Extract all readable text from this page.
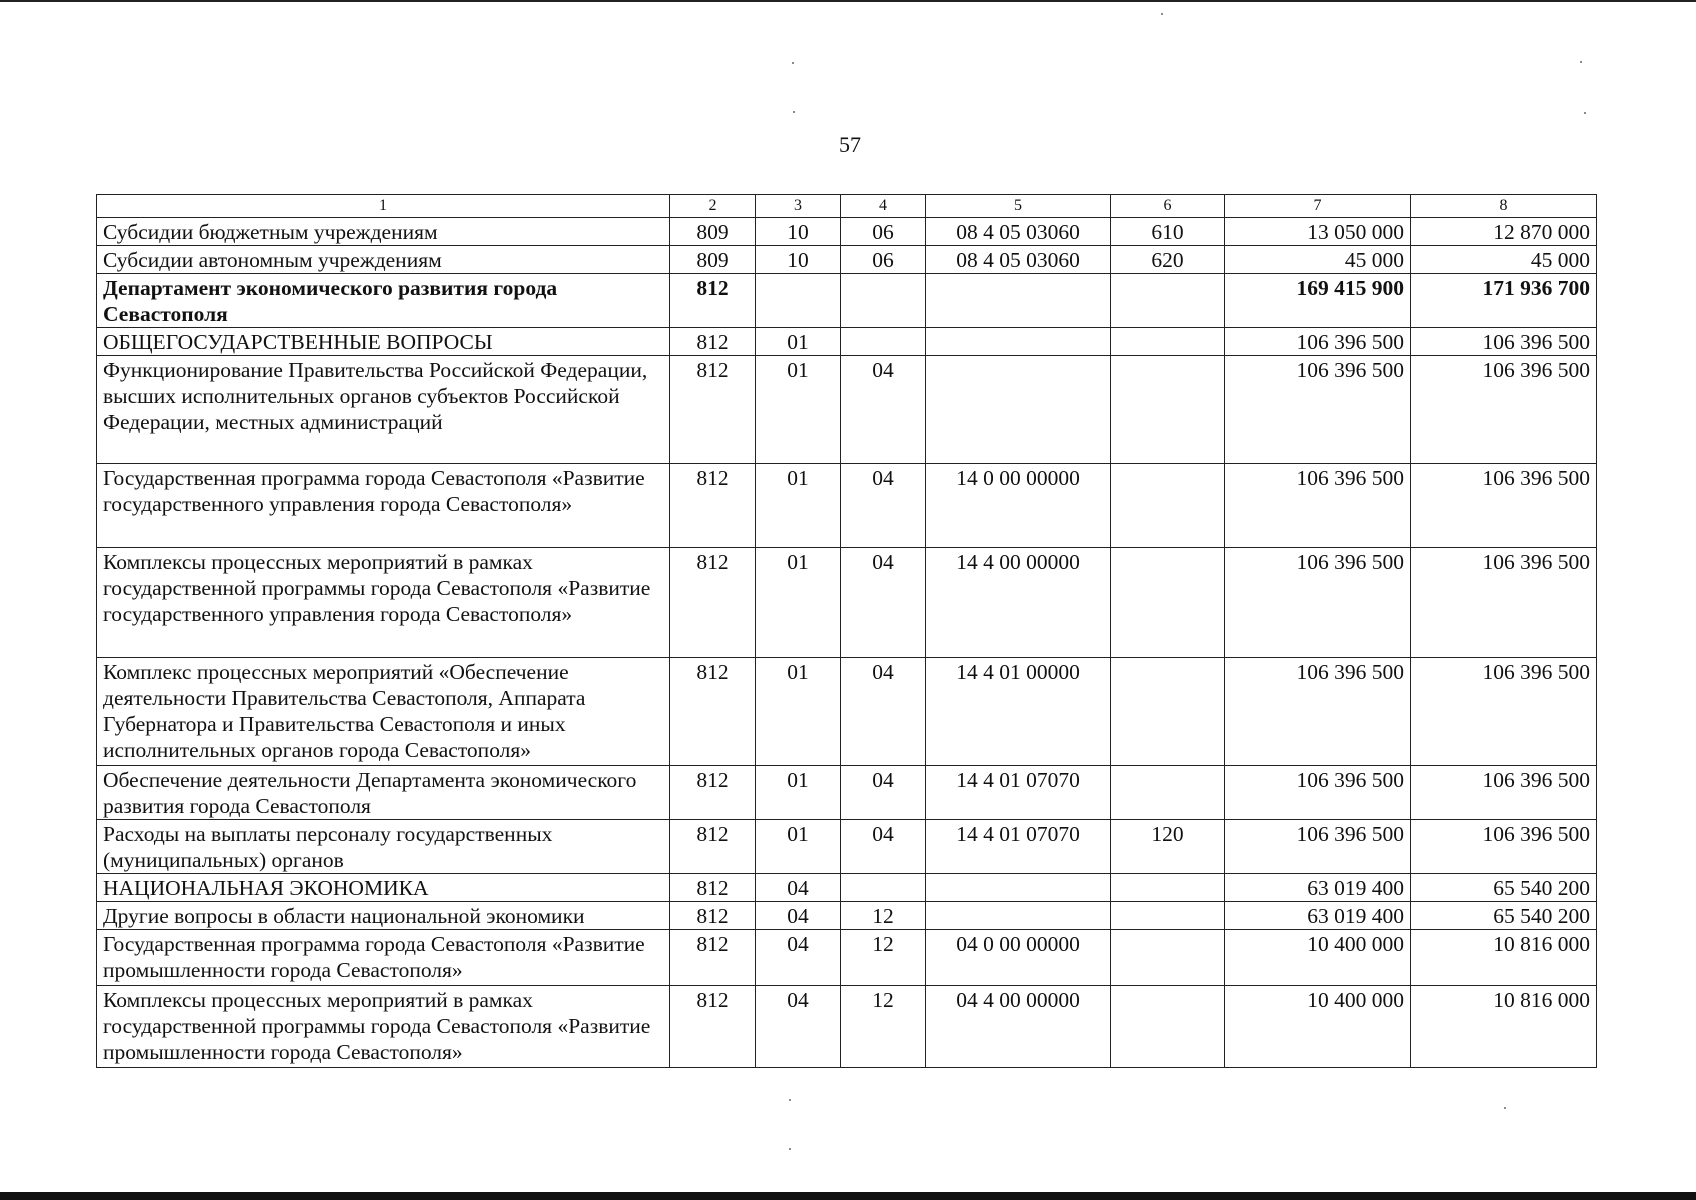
57
1	2	3	4	5	6	7	8
Субсидии бюджетным учреждениям	809	10	06	08 4 05 03060	610	13 050 000	12 870 000
Субсидии автономным учреждениям	809	10	06	08 4 05 03060	620	45 000	45 000
Департамент экономического развития города Севастополя	812					169 415 900	171 936 700
ОБЩЕГОСУДАРСТВЕННЫЕ ВОПРОСЫ	812	01				106 396 500	106 396 500
Функционирование Правительства Российской Федерации, высших исполнительных органов субъектов Российской Федерации, местных администраций	812	01	04			106 396 500	106 396 500
Государственная программа города Севастополя «Развитие государственного управления города Севастополя»	812	01	04	14 0 00 00000		106 396 500	106 396 500
Комплексы процессных мероприятий в рамках государственной программы города Севастополя «Развитие государственного управления города Севастополя»	812	01	04	14 4 00 00000		106 396 500	106 396 500
Комплекс процессных мероприятий «Обеспечение деятельности Правительства Севастополя, Аппарата Губернатора и Правительства Севастополя и иных исполнительных органов города Севастополя»	812	01	04	14 4 01 00000		106 396 500	106 396 500
Обеспечение деятельности Департамента экономического развития города Севастополя	812	01	04	14 4 01 07070		106 396 500	106 396 500
Расходы на выплаты персоналу государственных (муниципальных) органов	812	01	04	14 4 01 07070	120	106 396 500	106 396 500
НАЦИОНАЛЬНАЯ ЭКОНОМИКА	812	04				63 019 400	65 540 200
Другие вопросы в области национальной экономики	812	04	12			63 019 400	65 540 200
Государственная программа города Севастополя «Развитие промышленности города Севастополя»	812	04	12	04 0 00 00000		10 400 000	10 816 000
Комплексы процессных мероприятий в рамках государственной программы города Севастополя «Развитие промышленности города Севастополя»	812	04	12	04 4 00 00000		10 400 000	10 816 000
